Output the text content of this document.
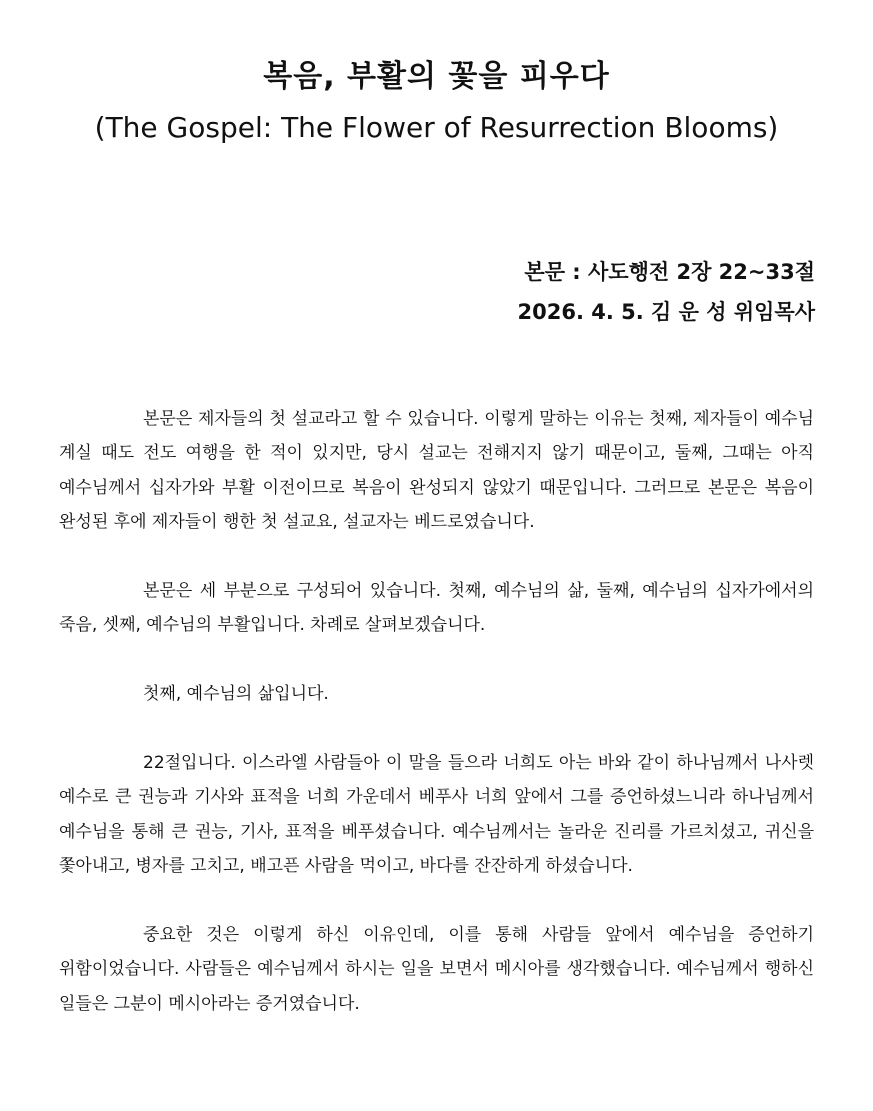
복음, 부활의 꽃을 피우다
(The Gospel: The Flower of Resurrection Blooms)
본문 : 사도행전 2장 22~33절
2026. 4. 5. 김 운 성 위임목사

본문은 제자들의 첫 설교라고 할 수 있습니다. 이렇게 말하는 이유는 첫째, 제자들이 예수님 계실 때도 전도 여행을 한 적이 있지만, 당시 설교는 전해지지 않기 때문이고, 둘째, 그때는 아직 예수님께서 십자가와 부활 이전이므로 복음이 완성되지 않았기 때문입니다. 그러므로 본문은 복음이 완성된 후에 제자들이 행한 첫 설교요, 설교자는 베드로였습니다.

본문은 세 부분으로 구성되어 있습니다. 첫째, 예수님의 삶, 둘째, 예수님의 십자가에서의 죽음, 셋째, 예수님의 부활입니다. 차례로 살펴보겠습니다.

첫째, 예수님의 삶입니다.

22절입니다. 이스라엘 사람들아 이 말을 들으라 너희도 아는 바와 같이 하나님께서 나사렛 예수로 큰 권능과 기사와 표적을 너희 가운데서 베푸사 너희 앞에서 그를 증언하셨느니라 하나님께서 예수님을 통해 큰 권능, 기사, 표적을 베푸셨습니다. 예수님께서는 놀라운 진리를 가르치셨고, 귀신을 쫓아내고, 병자를 고치고, 배고픈 사람을 먹이고, 바다를 잔잔하게 하셨습니다.

중요한 것은 이렇게 하신 이유인데, 이를 통해 사람들 앞에서 예수님을 증언하기 위함이었습니다. 사람들은 예수님께서 하시는 일을 보면서 메시아를 생각했습니다. 예수님께서 행하신 일들은 그분이 메시아라는 증거였습니다.
